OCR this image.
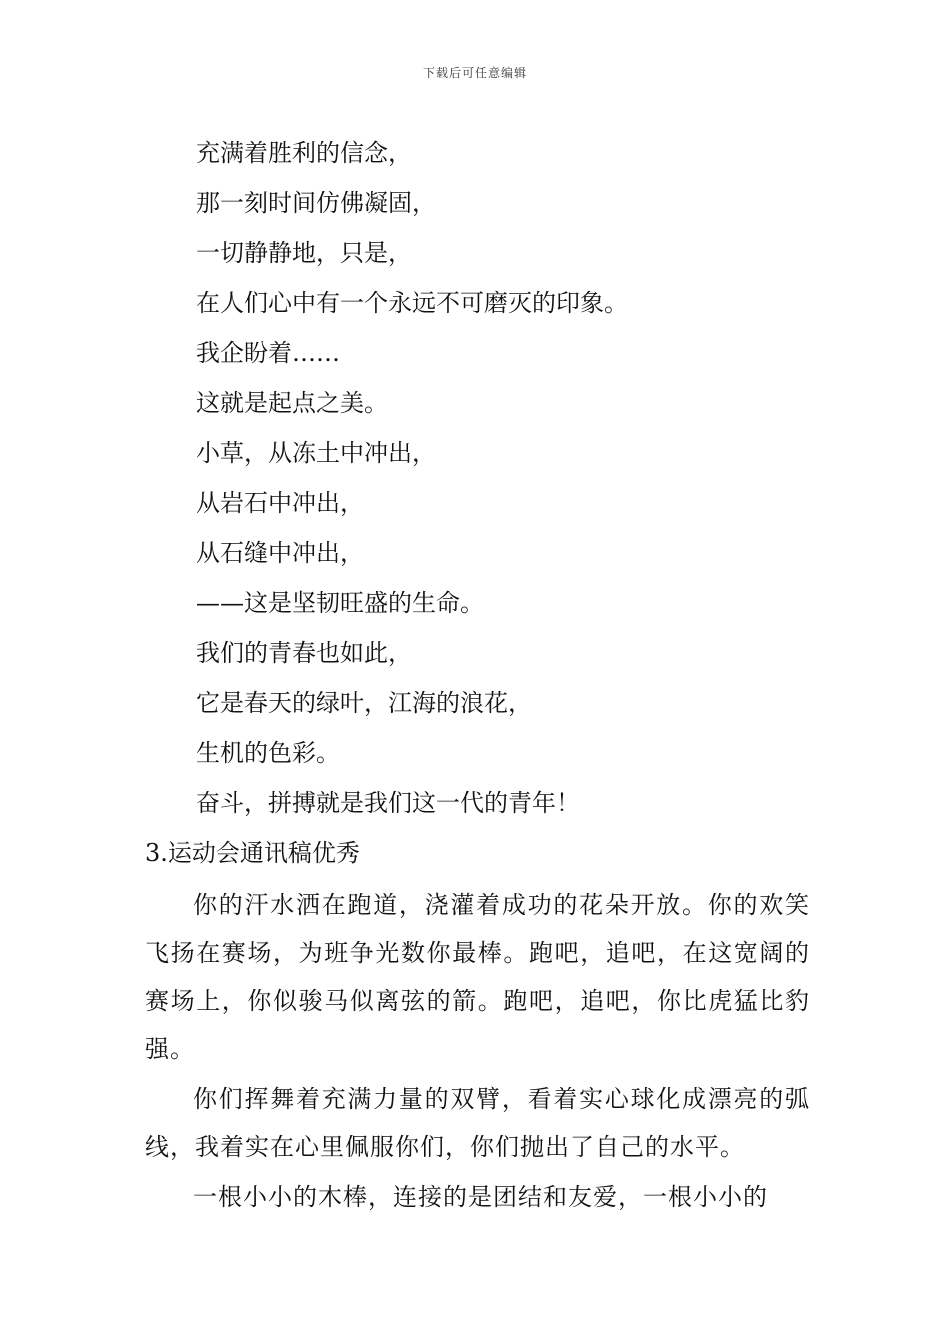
下载后可任意编辑
充满着胜利的信念，
那一刻时间仿佛凝固，
一切静静地，只是，
在人们心中有一个永远不可磨灭的印象。
我企盼着……
这就是起点之美。
小草，从冻土中冲出，
从岩石中冲出，
从石缝中冲出，
——这是坚韧旺盛的生命。
我们的青春也如此，
它是春天的绿叶，江海的浪花，
生机的色彩。
奋斗，拼搏就是我们这一代的青年！
3.运动会通讯稿优秀

你的汗水洒在跑道，浇灌着成功的花朵开放。你的欢笑飞扬在赛场，为班争光数你最棒。跑吧，追吧，在这宽阔的赛场上，你似骏马似离弦的箭。跑吧，追吧，你比虎猛比豹强。

你们挥舞着充满力量的双臂，看着实心球化成漂亮的弧线，我着实在心里佩服你们，你们抛出了自己的水平。

一根小小的木棒，连接的是团结和友爱，一根小小的
